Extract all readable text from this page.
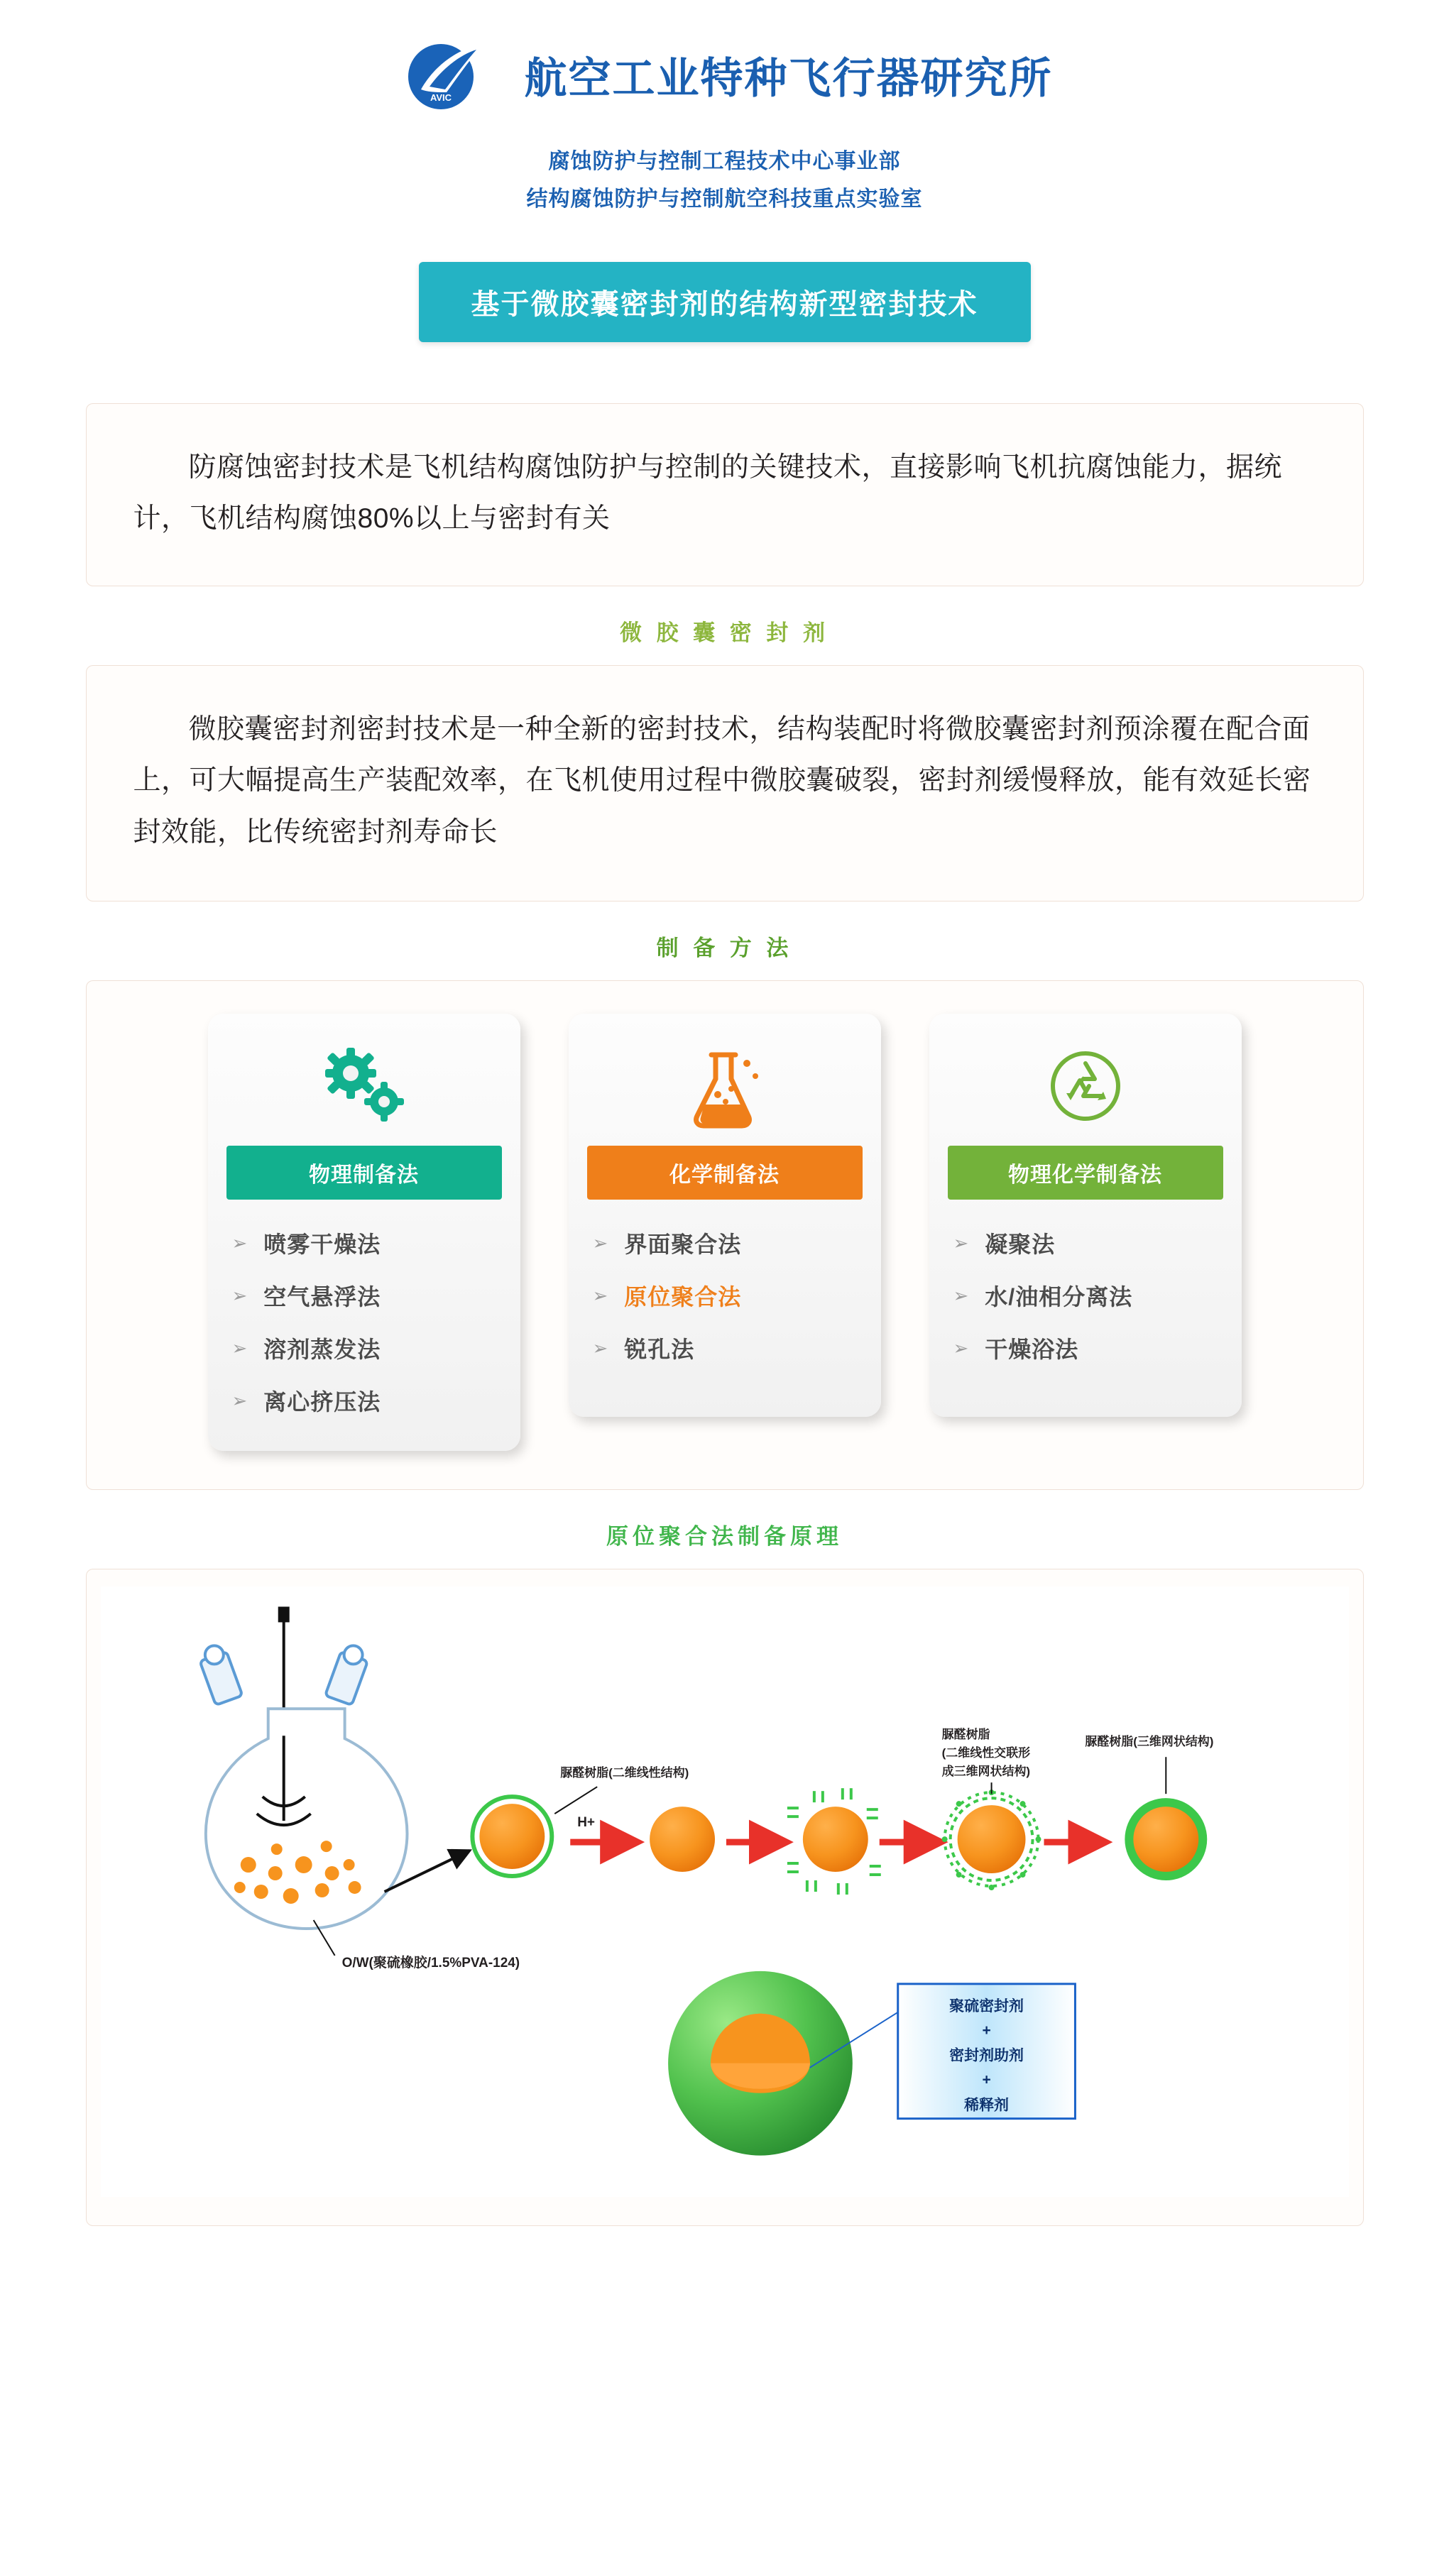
AVIC 航空工业特种飞行器研究所
腐蚀防护与控制工程技术中心事业部
结构腐蚀防护与控制航空科技重点实验室
基于微胶囊密封剂的结构新型密封技术

防腐蚀密封技术是飞机结构腐蚀防护与控制的关键技术，直接影响飞机抗腐蚀能力，据统计，飞机结构腐蚀80%以上与密封有关

微 胶 囊 密 封 剂

微胶囊密封剂密封技术是一种全新的密封技术，结构装配时将微胶囊密封剂预涂覆在配合面上，可大幅提高生产装配效率，在飞机使用过程中微胶囊破裂，密封剂缓慢释放，能有效延长密封效能，比传统密封剂寿命长

制 备 方 法
物理制备法
➢ 喷雾干燥法
➢ 空气悬浮法
➢ 溶剂蒸发法
➢ 离心挤压法
化学制备法
➢ 界面聚合法
➢ 原位聚合法
➢ 锐孔法
物理化学制备法
➢ 凝聚法
➢ 水/油相分离法
➢ 干燥浴法
原位聚合法制备原理
O/W(聚硫橡胶/1.5%PVA-124)
脲醛树脂(二维线性结构)
H+
脲醛树脂
(二维线性交联形
成三维网状结构)
脲醛树脂(三维网状结构)
聚硫密封剂
+
密封剂助剂
+
稀释剂
